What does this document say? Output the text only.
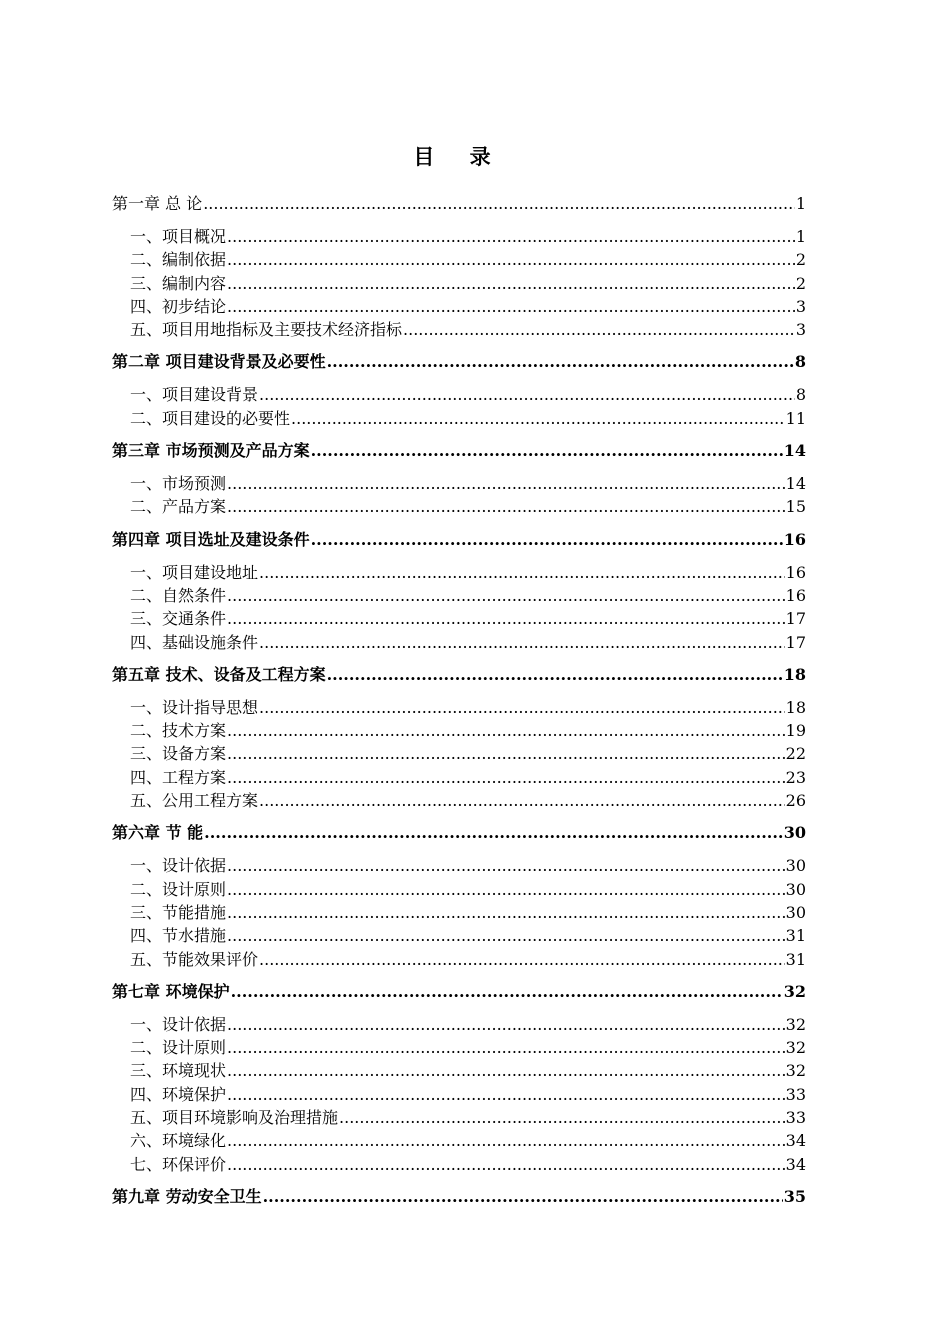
目 录
第一章 总 论 .....	1
一、项目概况 .....	1
二、编制依据 .....	2
三、编制内容 .....	2
四、初步结论 .....	3
五、项目用地指标及主要技术经济指标 .....	3
第二章 项目建设背景及必要性 .....	8
一、项目建设背景 .....	8
二、项目建设的必要性 .....	11
第三章 市场预测及产品方案 .....	14
一、市场预测 .....	14
二、产品方案 .....	15
第四章 项目选址及建设条件 .....	16
一、项目建设地址 .....	16
二、自然条件 .....	16
三、交通条件 .....	17
四、基础设施条件 .....	17
第五章 技术、设备及工程方案 .....	18
一、设计指导思想 .....	18
二、技术方案 .....	19
三、设备方案 .....	22
四、工程方案 .....	23
五、公用工程方案 .....	26
第六章 节 能 .....	30
一、设计依据 .....	30
二、设计原则 .....	30
三、节能措施 .....	30
四、节水措施 .....	31
五、节能效果评价 .....	31
第七章 环境保护 .....	32
一、设计依据 .....	32
二、设计原则 .....	32
三、环境现状 .....	32
四、环境保护 .....	33
五、项目环境影响及治理措施 .....	33
六、环境绿化 .....	34
七、环保评价 .....	34
第九章 劳动安全卫生 .....	35
